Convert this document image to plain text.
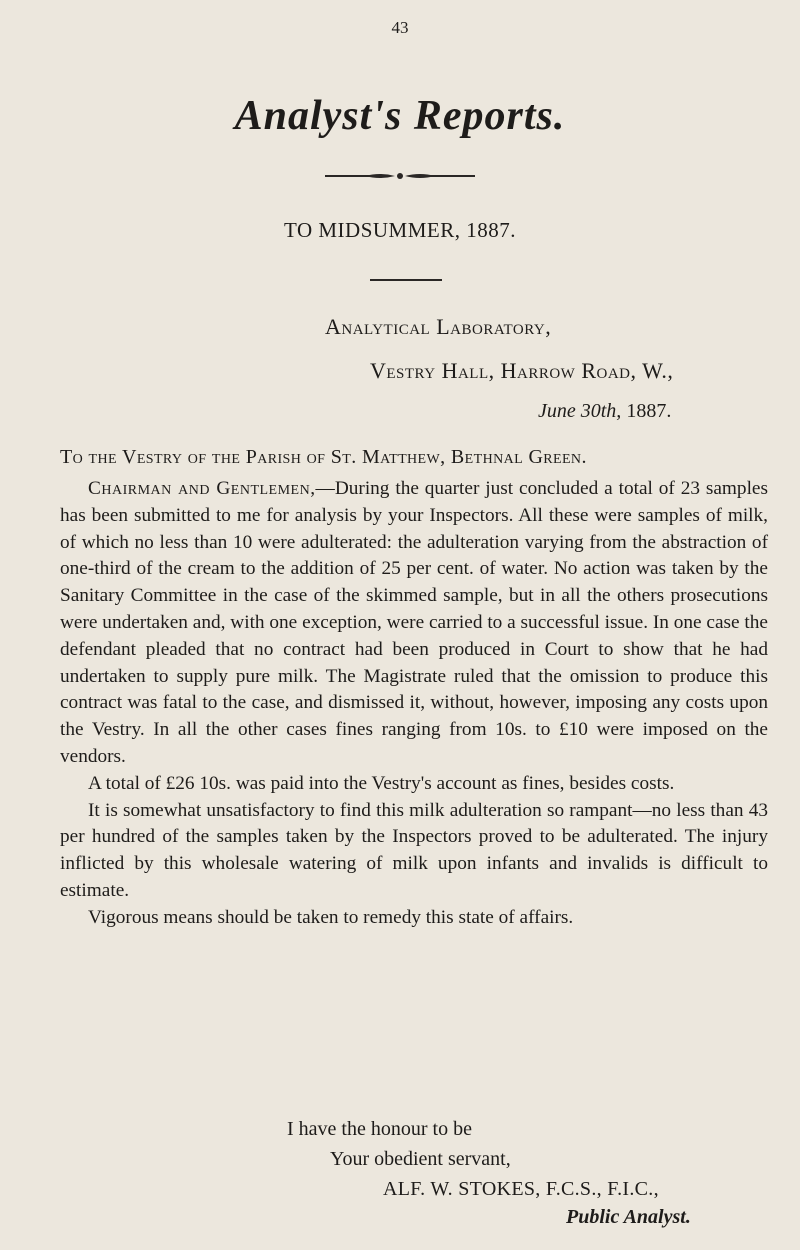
43
Analyst's Reports.
TO MIDSUMMER, 1887.
Analytical Laboratory,
Vestry Hall, Harrow Road, W.,
June 30th, 1887.
To the Vestry of the Parish of St. Matthew, Bethnal Green.

Chairman and Gentlemen,—During the quarter just concluded a total of 23 samples has been submitted to me for analysis by your Inspectors. All these were samples of milk, of which no less than 10 were adulterated: the adulteration varying from the abstraction of one-third of the cream to the addition of 25 per cent. of water. No action was taken by the Sanitary Committee in the case of the skimmed sample, but in all the others prosecutions were undertaken and, with one exception, were carried to a successful issue. In one case the defendant pleaded that no contract had been produced in Court to show that he had undertaken to supply pure milk. The Magistrate ruled that the omission to produce this contract was fatal to the case, and dismissed it, without, however, imposing any costs upon the Vestry. In all the other cases fines ranging from 10s. to £10 were imposed on the vendors.

A total of £26 10s. was paid into the Vestry's account as fines, besides costs.

It is somewhat unsatisfactory to find this milk adulteration so rampant—no less than 43 per hundred of the samples taken by the Inspectors proved to be adulterated. The injury inflicted by this wholesale watering of milk upon infants and invalids is difficult to estimate.

Vigorous means should be taken to remedy this state of affairs.

I have the honour to be
Your obedient servant,
ALF. W. STOKES, F.C.S., F.I.C.,
Public Analyst.
